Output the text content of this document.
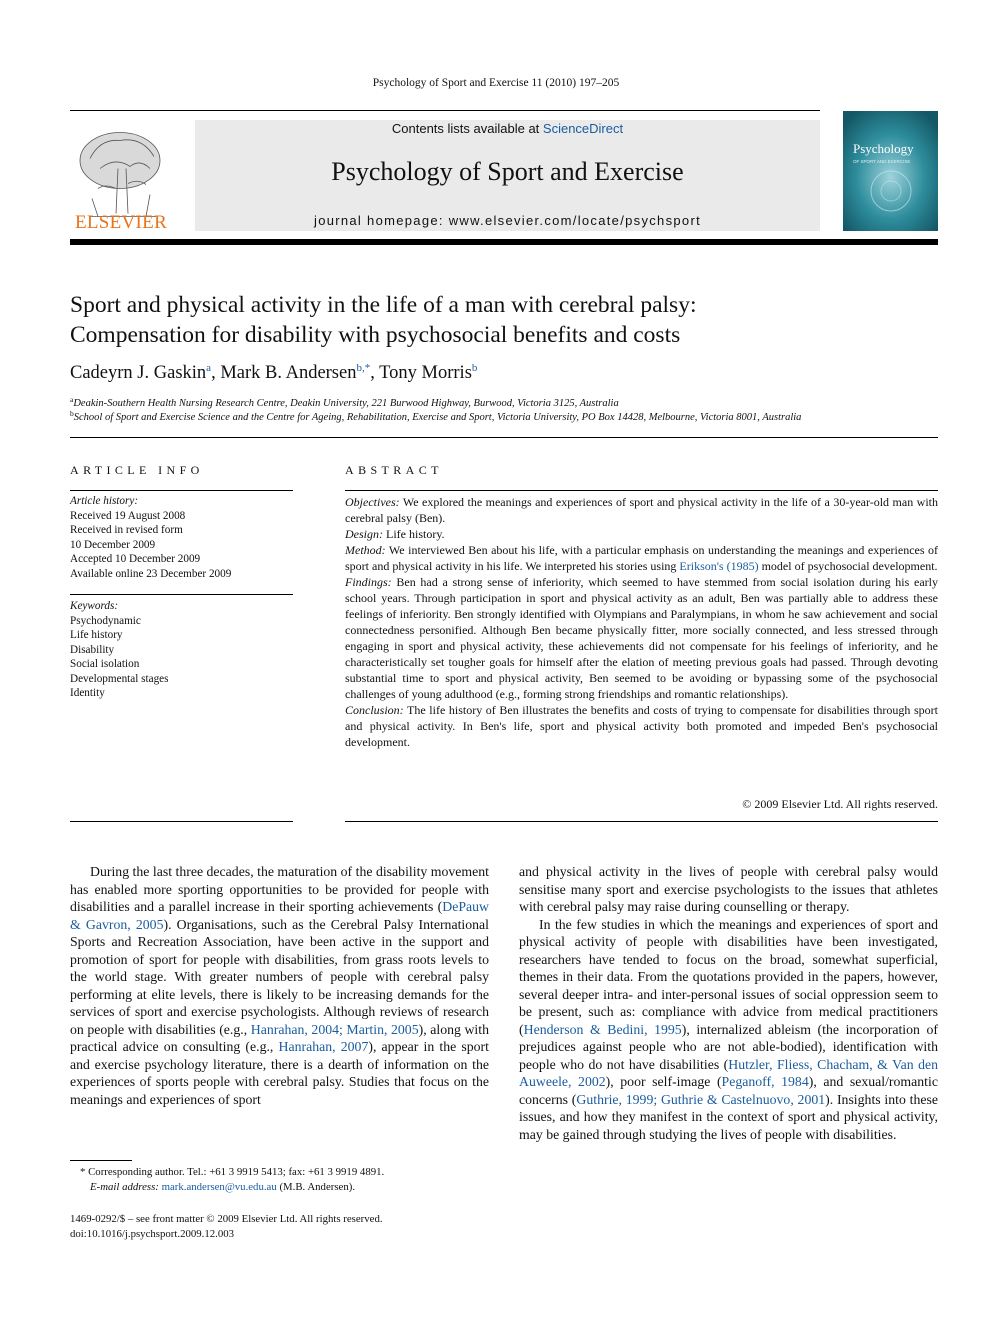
Psychology of Sport and Exercise 11 (2010) 197–205
ELSEVIER
Contents lists available at ScienceDirect
Psychology of Sport and Exercise
journal homepage: www.elsevier.com/locate/psychsport
Psychology
OF SPORT AND EXERCISE
Sport and physical activity in the life of a man with cerebral palsy:
Compensation for disability with psychosocial benefits and costs
Cadeyrn J. Gaskin$^a$, Mark B. Andersen$^{b,*}$, Tony Morris$^b$
$^a$Deakin-Southern Health Nursing Research Centre, Deakin University, 221 Burwood Highway, Burwood, Victoria 3125, Australia
$^b$School of Sport and Exercise Science and the Centre for Ageing, Rehabilitation, Exercise and Sport, Victoria University, PO Box 14428, Melbourne, Victoria 8001, Australia
ARTICLE INFO
Article history:
Received 19 August 2008
Received in revised form
10 December 2009
Accepted 10 December 2009
Available online 23 December 2009
Keywords:
Psychodynamic
Life history
Disability
Social isolation
Developmental stages
Identity
ABSTRACT

Objectives: We explored the meanings and experiences of sport and physical activity in the life of a 30-year-old man with cerebral palsy (Ben).

Design: Life history.

Method: We interviewed Ben about his life, with a particular emphasis on understanding the meanings and experiences of sport and physical activity in his life. We interpreted his stories using Erikson's (1985) model of psychosocial development.

Findings: Ben had a strong sense of inferiority, which seemed to have stemmed from social isolation during his early school years. Through participation in sport and physical activity as an adult, Ben was partially able to address these feelings of inferiority. Ben strongly identified with Olympians and Paralympians, in whom he saw achievement and social connectedness personified. Although Ben became physically fitter, more socially connected, and less stressed through engaging in sport and physical activity, these achievements did not compensate for his feelings of inferiority, and he characteristically set tougher goals for himself after the elation of meeting previous goals had passed. Through devoting substantial time to sport and physical activity, Ben seemed to be avoiding or bypassing some of the psychosocial challenges of young adulthood (e.g., forming strong friendships and romantic relationships).

Conclusion: The life history of Ben illustrates the benefits and costs of trying to compensate for disabilities through sport and physical activity. In Ben's life, sport and physical activity both promoted and impeded Ben's psychosocial development.

© 2009 Elsevier Ltd. All rights reserved.

During the last three decades, the maturation of the disability movement has enabled more sporting opportunities to be provided for people with disabilities and a parallel increase in their sporting achievements (DePauw & Gavron, 2005). Organisations, such as the Cerebral Palsy International Sports and Recreation Association, have been active in the support and promotion of sport for people with disabilities, from grass roots levels to the world stage. With greater numbers of people with cerebral palsy performing at elite levels, there is likely to be increasing demands for the services of sport and exercise psychologists. Although reviews of research on people with disabilities (e.g., Hanrahan, 2004; Martin, 2005), along with practical advice on consulting (e.g., Hanrahan, 2007), appear in the sport and exercise psychology literature, there is a dearth of information on the experiences of sports people with cerebral palsy. Studies that focus on the meanings and experiences of sport

and physical activity in the lives of people with cerebral palsy would sensitise many sport and exercise psychologists to the issues that athletes with cerebral palsy may raise during counselling or therapy.

In the few studies in which the meanings and experiences of sport and physical activity of people with disabilities have been investigated, researchers have tended to focus on the broad, somewhat superficial, themes in their data. From the quotations provided in the papers, however, several deeper intra- and inter-personal issues of social oppression seem to be present, such as: compliance with advice from medical practitioners (Henderson & Bedini, 1995), internalized ableism (the incorporation of prejudices against people who are not able-bodied), identification with people who do not have disabilities (Hutzler, Fliess, Chacham, & Van den Auweele, 2002), poor self-image (Peganoff, 1984), and sexual/romantic concerns (Guthrie, 1999; Guthrie & Castelnuovo, 2001). Insights into these issues, and how they manifest in the context of sport and physical activity, may be gained through studying the lives of people with disabilities.

* Corresponding author. Tel.: +61 3 9919 5413; fax: +61 3 9919 4891.
E-mail address: mark.andersen@vu.edu.au (M.B. Andersen).
1469-0292/$ – see front matter © 2009 Elsevier Ltd. All rights reserved.
doi:10.1016/j.psychsport.2009.12.003
